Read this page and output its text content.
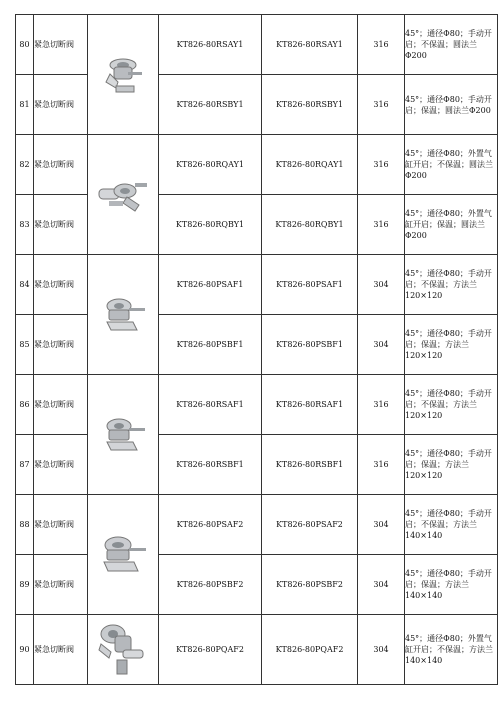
80	紧急切断阀		KT826-80RSAY1	KT826-80RSAY1	316	45°；通径Φ80；手动开启；不保温；圆法兰Φ200
81	紧急切断阀		KT826-80RSBY1	KT826-80RSBY1	316	45°；通径Φ80；手动开启；保温；圆法兰Φ200
82	紧急切断阀		KT826-80RQAY1	KT826-80RQAY1	316	45°；通径Φ80；外置气缸开启；不保温；圆法兰Φ200
83	紧急切断阀		KT826-80RQBY1	KT826-80RQBY1	316	45°；通径Φ80；外置气缸开启；保温；圆法兰Φ200
84	紧急切断阀		KT826-80PSAF1	KT826-80PSAF1	304	45°；通径Φ80；手动开启；不保温；方法兰120×120
85	紧急切断阀		KT826-80PSBF1	KT826-80PSBF1	304	45°；通径Φ80；手动开启；保温；方法兰120×120
86	紧急切断阀		KT826-80RSAF1	KT826-80RSAF1	316	45°；通径Φ80；手动开启；不保温；方法兰120×120
87	紧急切断阀		KT826-80RSBF1	KT826-80RSBF1	316	45°；通径Φ80；手动开启；保温；方法兰120×120
88	紧急切断阀		KT826-80PSAF2	KT826-80PSAF2	304	45°；通径Φ80；手动开启；不保温；方法兰140×140
89	紧急切断阀		KT826-80PSBF2	KT826-80PSBF2	304	45°；通径Φ80；手动开启；保温；方法兰140×140
90	紧急切断阀		KT826-80PQAF2	KT826-80PQAF2	304	45°；通径Φ80；外置气缸开启；不保温；方法兰140×140
